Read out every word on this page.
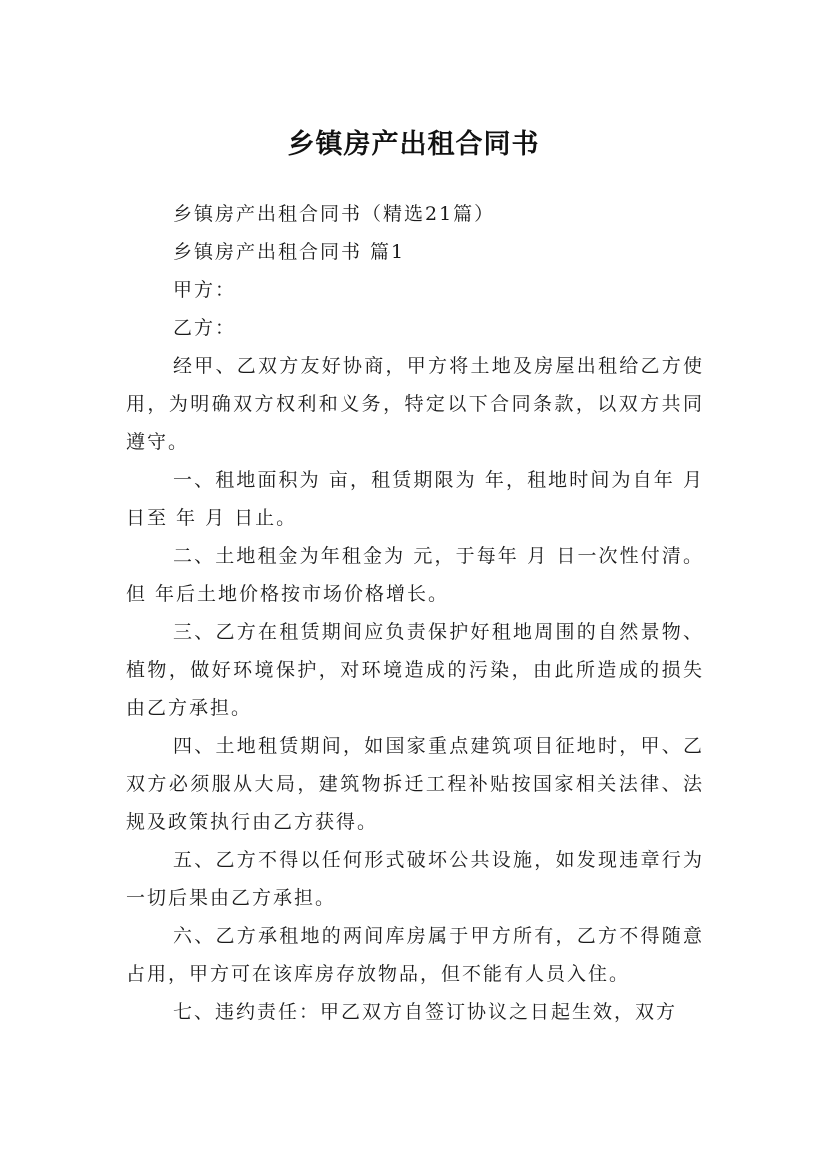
乡镇房产出租合同书

乡镇房产出租合同书（精选21篇）

乡镇房产出租合同书 篇1

甲方：

乙方：

经甲、乙双方友好协商，甲方将土地及房屋出租给乙方使用，为明确双方权利和义务，特定以下合同条款，以双方共同遵守。

一、租地面积为 亩，租赁期限为 年，租地时间为自年 月 日至 年 月 日止。

二、土地租金为年租金为 元，于每年 月 日一次性付清。但 年后土地价格按市场价格增长。

三、乙方在租赁期间应负责保护好租地周围的自然景物、植物，做好环境保护，对环境造成的污染，由此所造成的损失由乙方承担。

四、土地租赁期间，如国家重点建筑项目征地时，甲、乙双方必须服从大局，建筑物拆迁工程补贴按国家相关法律、法规及政策执行由乙方获得。

五、乙方不得以任何形式破坏公共设施，如发现违章行为一切后果由乙方承担。

六、乙方承租地的两间库房属于甲方所有，乙方不得随意占用，甲方可在该库房存放物品，但不能有人员入住。

七、违约责任：甲乙双方自签订协议之日起生效，双方
